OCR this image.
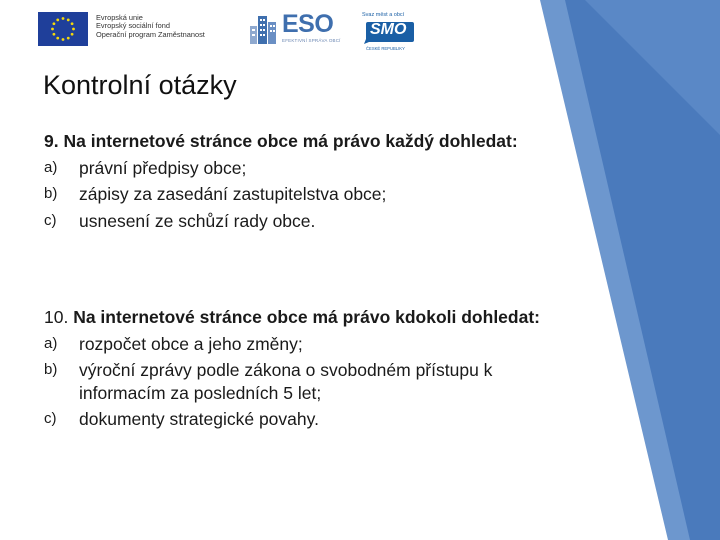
Evropská unie
Evropský sociální fond
Operační program Zaměstnanost	ESO
EFEKTIVNÍ SPRÁVA OBCÍ
Svaz měst a obcí
SMO
ČESKÉ REPUBLIKY
Kontrolní otázky
9. Na internetové stránce obce má právo každý dohledat:
a)	právní předpisy obce;
b)	zápisy za zasedání zastupitelstva obce;
c)	usnesení ze schůzí rady obce.
10. Na internetové stránce obce má právo kdokoli dohledat:
a)	rozpočet obce a jeho změny;
b)	výroční zprávy podle zákona o svobodném přístupu k informacím za posledních 5 let;
c)	dokumenty strategické povahy.
